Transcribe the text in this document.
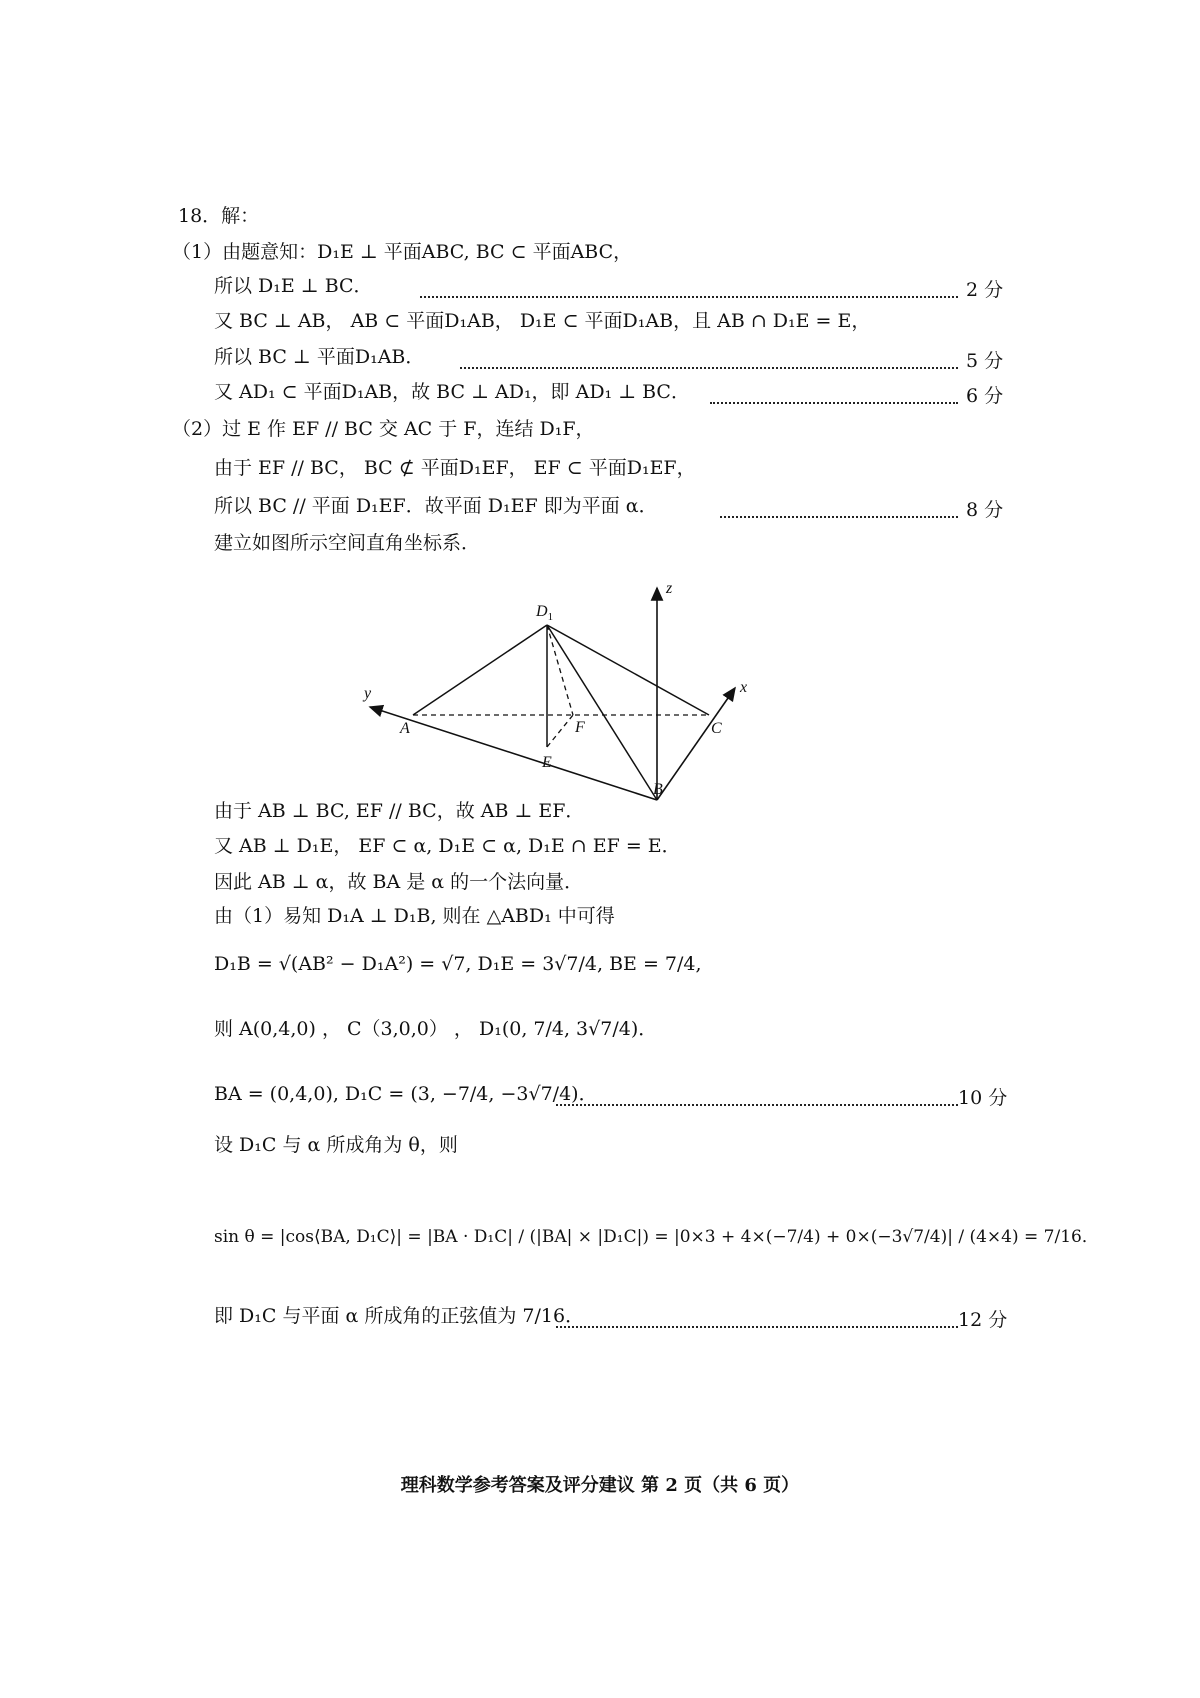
18．解：
（1）由题意知：D₁E ⊥ 平面ABC, BC ⊂ 平面ABC，
所以 D₁E ⊥ BC．	2 分
又 BC ⊥ AB， AB ⊂ 平面D₁AB， D₁E ⊂ 平面D₁AB，且 AB ∩ D₁E = E，
所以 BC ⊥ 平面D₁AB．	5 分
又 AD₁ ⊂ 平面D₁AB，故 BC ⊥ AD₁，即 AD₁ ⊥ BC．	6 分
（2）过 E 作 EF // BC 交 AC 于 F，连结 D₁F，
由于 EF // BC， BC ⊄ 平面D₁EF， EF ⊂ 平面D₁EF，
所以 BC // 平面 D₁EF．故平面 D₁EF 即为平面 α．	8 分
建立如图所示空间直角坐标系．
z
y	x
$D_1$
A	F	C
E
B
由于 AB ⊥ BC, EF // BC，故 AB ⊥ EF．
又 AB ⊥ D₁E， EF ⊂ α, D₁E ⊂ α, D₁E ∩ EF = E．
因此 AB ⊥ α，故 BA 是 α 的一个法向量．
由（1）易知 D₁A ⊥ D₁B, 则在 △ABD₁ 中可得
D₁B = √(AB² − D₁A²) = √7, D₁E = 3√7/4, BE = 7/4,
则 A(0,4,0) ， C（3,0,0） ， D₁(0, 7/4, 3√7/4)．
BA = (0,4,0), D₁C = (3, −7/4, −3√7/4)．	10 分
设 D₁C 与 α 所成角为 θ，则
sin θ = |cos⟨BA, D₁C⟩| = |BA · D₁C| / (|BA| × |D₁C|) = |0×3 + 4×(−7/4) + 0×(−3√7/4)| / (4×4) = 7/16．
即 D₁C 与平面 α 所成角的正弦值为 7/16．	12 分
理科数学参考答案及评分建议 第 2 页（共 6 页）
